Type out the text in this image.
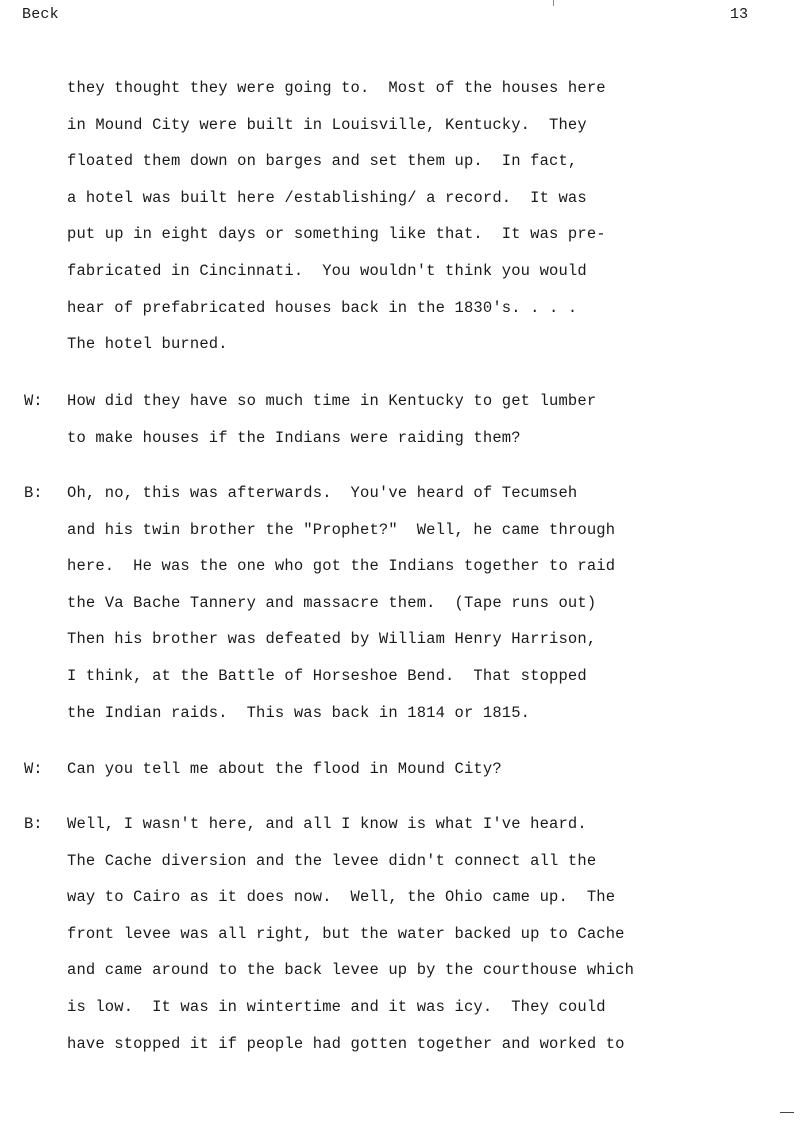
Beck	13
they thought they were going to.  Most of the houses here
in Mound City were built in Louisville, Kentucky.  They
floated them down on barges and set them up.  In fact,
a hotel was built here /establishing/ a record.  It was
put up in eight days or something like that.  It was pre-
fabricated in Cincinnati.  You wouldn't think you would
hear of prefabricated houses back in the 1830's. . . .
The hotel burned.
W: How did they have so much time in Kentucky to get lumber
to make houses if the Indians were raiding them?
B: Oh, no, this was afterwards.  You've heard of Tecumseh
and his twin brother the "Prophet?"  Well, he came through
here.  He was the one who got the Indians together to raid
the Va Bache Tannery and massacre them.  (Tape runs out)
Then his brother was defeated by William Henry Harrison,
I think, at the Battle of Horseshoe Bend.  That stopped
the Indian raids.  This was back in 1814 or 1815.
W: Can you tell me about the flood in Mound City?
B: Well, I wasn't here, and all I know is what I've heard.
The Cache diversion and the levee didn't connect all the
way to Cairo as it does now.  Well, the Ohio came up.  The
front levee was all right, but the water backed up to Cache
and came around to the back levee up by the courthouse which
is low.  It was in wintertime and it was icy.  They could
have stopped it if people had gotten together and worked to
